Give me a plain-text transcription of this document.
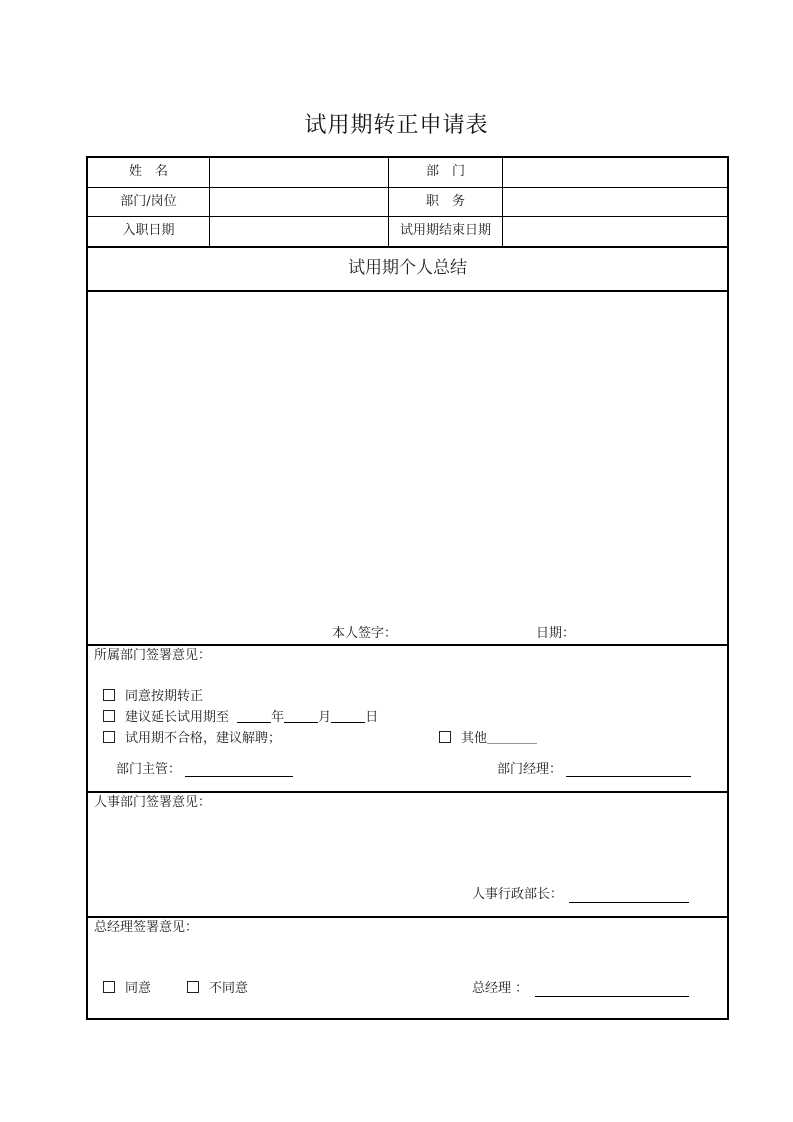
试用期转正申请表
姓　名	部　门
部门/岗位	职　务
入职日期	试用期结束日期
试用期个人总结
本人签字：	日期：
所属部门签署意见：
同意按期转正
建议延长试用期至	年	月	日
试用期不合格，建议解聘；	其他
部门主管：	部门经理：
人事部门签署意见：
人事行政部长：
总经理签署意见：
同意	不同意	总经理 ：
